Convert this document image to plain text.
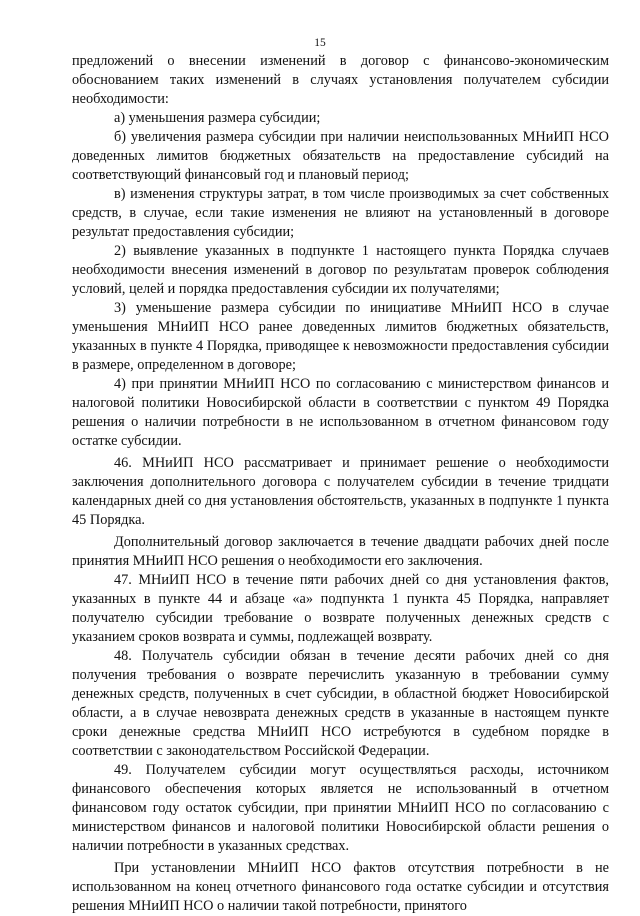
15

предложений о внесении изменений в договор с финансово-экономическим обоснованием таких изменений в случаях установления получателем субсидии необходимости:

а) уменьшения размера субсидии;

б) увеличения размера субсидии при наличии неиспользованных МНиИП НСО доведенных лимитов бюджетных обязательств на предоставление субсидий на соответствующий финансовый год и плановый период;

в) изменения структуры затрат, в том числе производимых за счет собственных средств, в случае, если такие изменения не влияют на установленный в договоре результат предоставления субсидии;

2) выявление указанных в подпункте 1 настоящего пункта Порядка случаев необходимости внесения изменений в договор по результатам проверок соблюдения условий, целей и порядка предоставления субсидии их получателями;

3) уменьшение размера субсидии по инициативе МНиИП НСО в случае уменьшения МНиИП НСО ранее доведенных лимитов бюджетных обязательств, указанных в пункте 4 Порядка, приводящее к невозможности предоставления субсидии в размере, определенном в договоре;

4) при принятии МНиИП НСО по согласованию с министерством финансов и налоговой политики Новосибирской области в соответствии с пунктом 49 Порядка решения о наличии потребности в не использованном в отчетном финансовом году остатке субсидии.

46. МНиИП НСО рассматривает и принимает решение о необходимости заключения дополнительного договора с получателем субсидии в течение тридцати календарных дней со дня установления обстоятельств, указанных в подпункте 1 пункта 45 Порядка.

Дополнительный договор заключается в течение двадцати рабочих дней после принятия МНиИП НСО решения о необходимости его заключения.

47. МНиИП НСО в течение пяти рабочих дней со дня установления фактов, указанных в пункте 44 и абзаце «а» подпункта 1 пункта 45 Порядка, направляет получателю субсидии требование о возврате полученных денежных средств с указанием сроков возврата и суммы, подлежащей возврату.

48. Получатель субсидии обязан в течение десяти рабочих дней со дня получения требования о возврате перечислить указанную в требовании сумму денежных средств, полученных в счет субсидии, в областной бюджет Новосибирской области, а в случае невозврата денежных средств в указанные в настоящем пункте сроки денежные средства МНиИП НСО истребуются в судебном порядке в соответствии с законодательством Российской Федерации.

49. Получателем субсидии могут осуществляться расходы, источником финансового обеспечения которых является не использованный в отчетном финансовом году остаток субсидии, при принятии МНиИП НСО по согласованию с министерством финансов и налоговой политики Новосибирской области решения о наличии потребности в указанных средствах.

При установлении МНиИП НСО фактов отсутствия потребности в не использованном на конец отчетного финансового года остатке субсидии и отсутствия решения МНиИП НСО о наличии такой потребности, принятого
